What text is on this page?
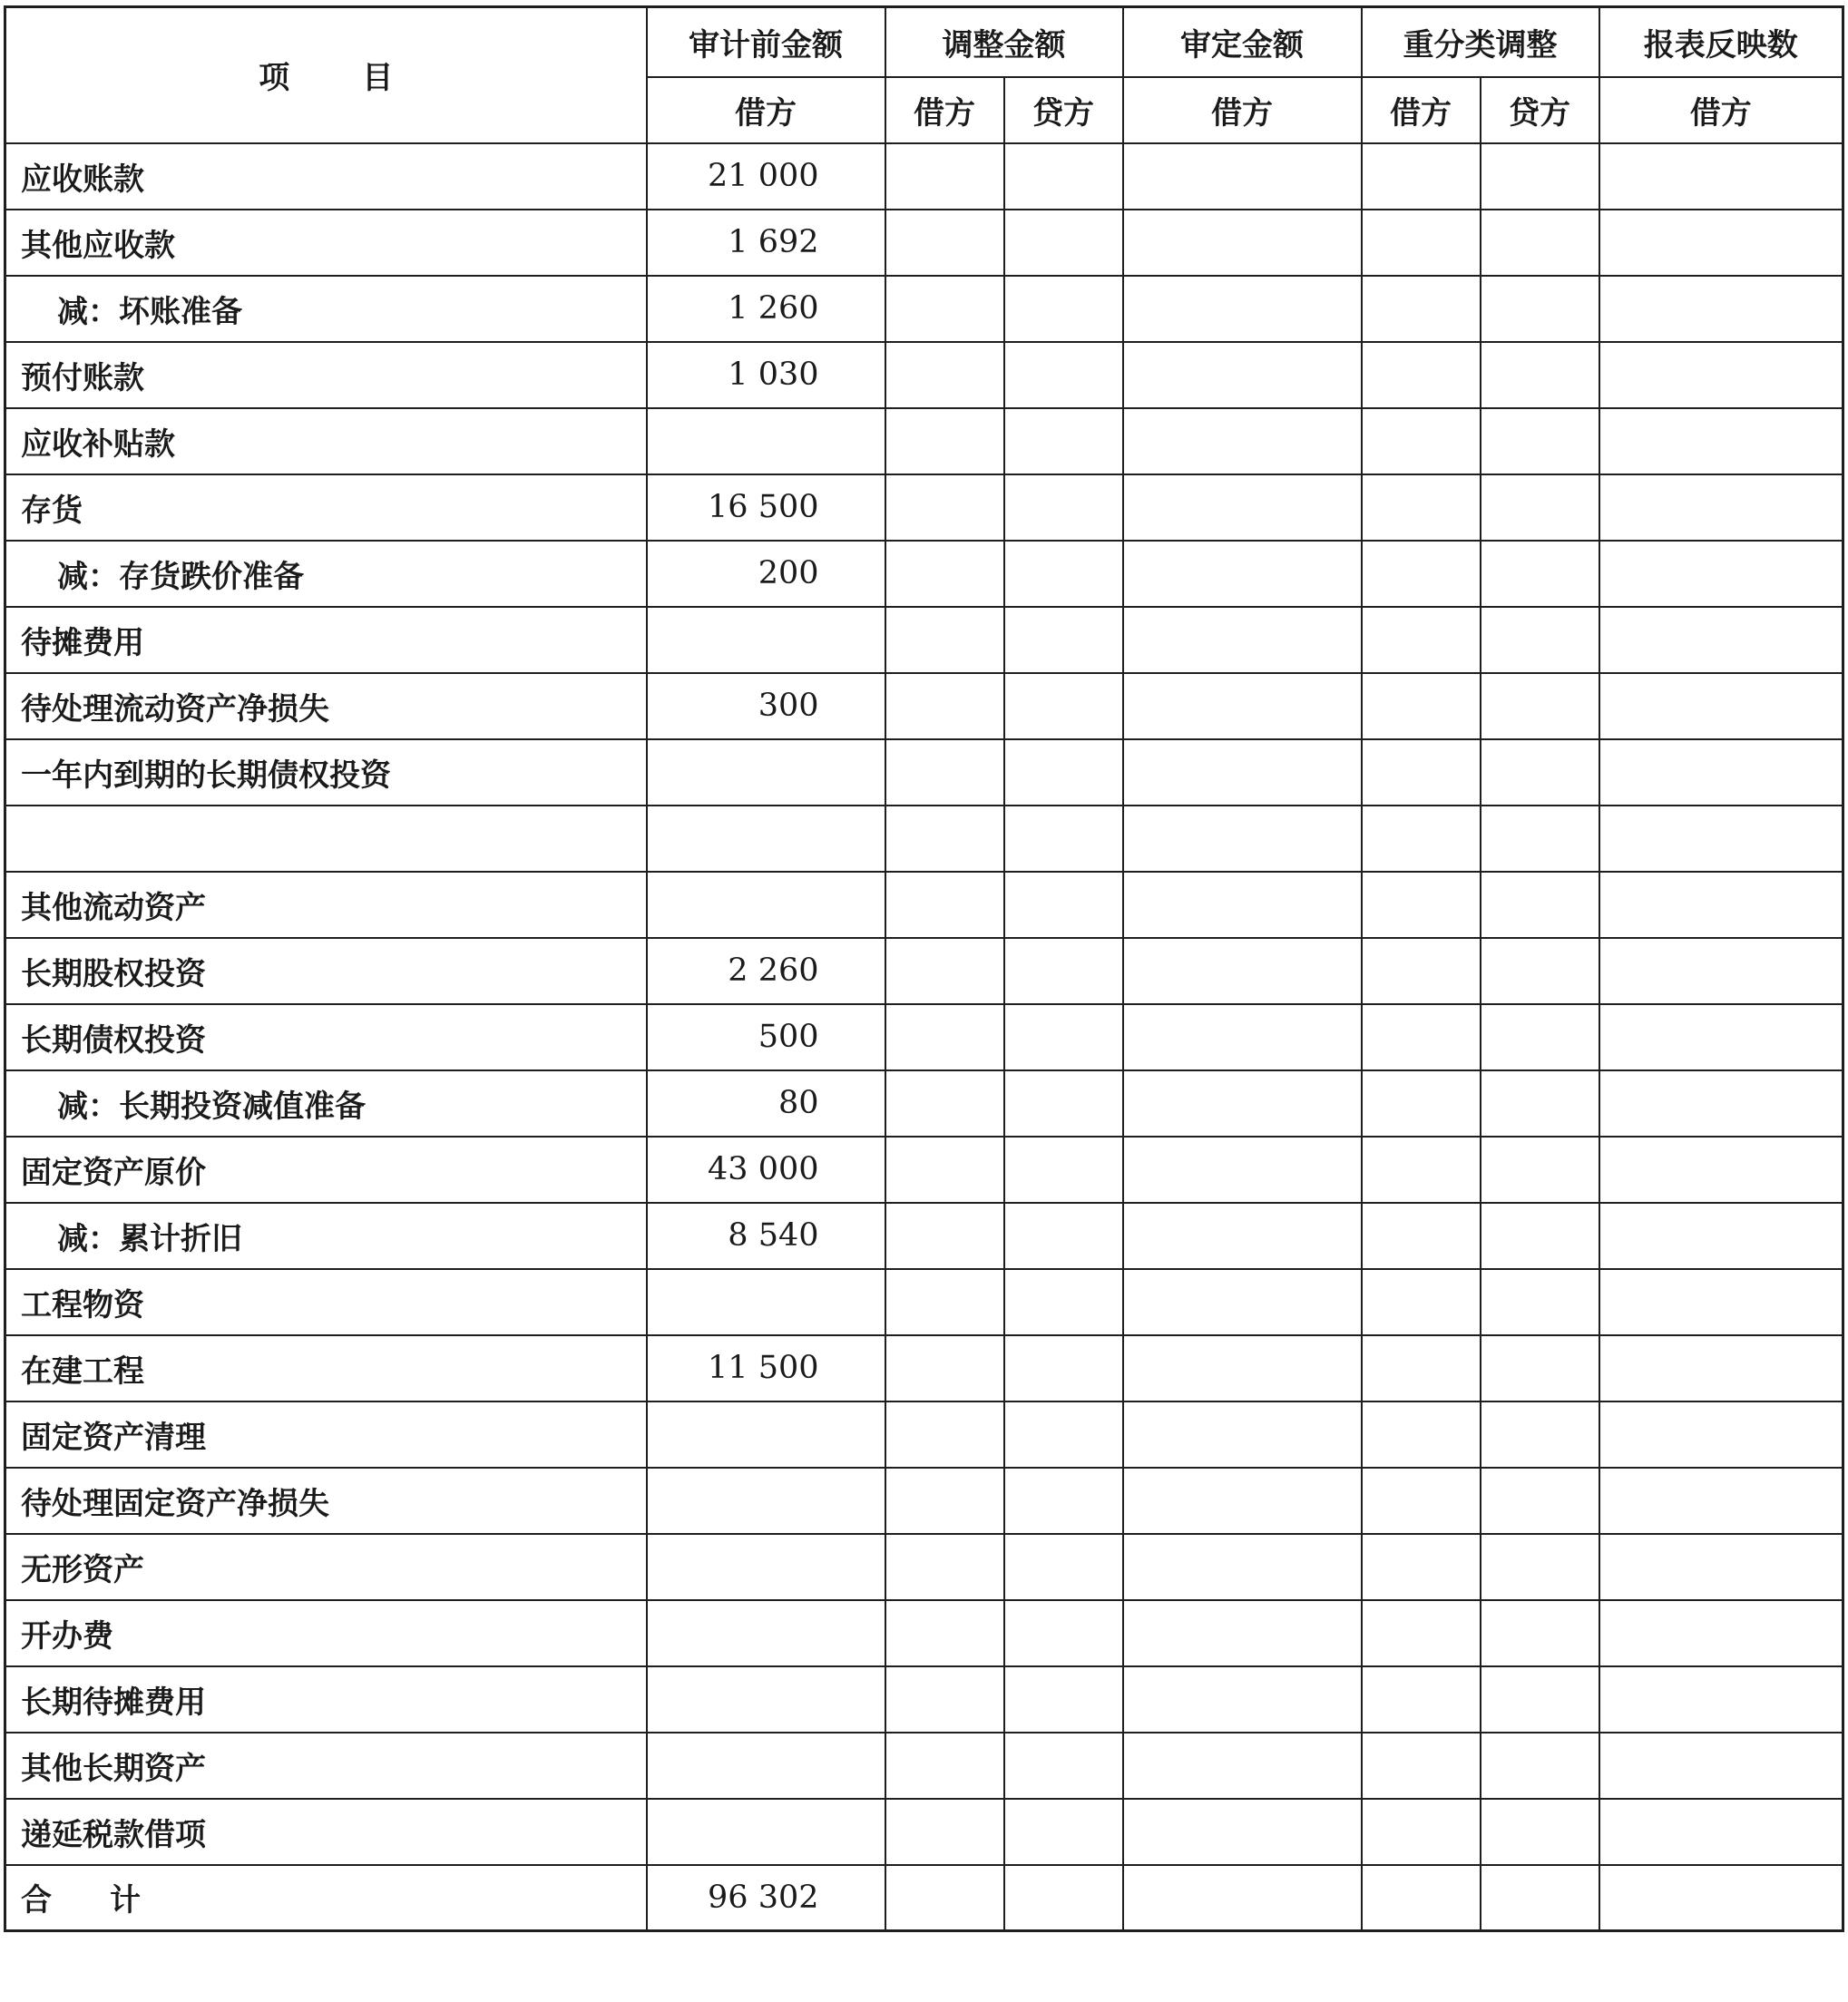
项 目	审计前金额	调整金额		审定金额	重分类调整		报表反映数
	借方	借方	贷方	借方	借方	贷方	借方
应收账款	21 000						
其他应收款	1 692						
减：坏账准备	1 260						
预付账款	1 030						
应收补贴款							
存货	16 500						
减：存货跌价准备	200						
待摊费用							
待处理流动资产净损失	300						
一年内到期的长期债权投资							

其他流动资产							
长期股权投资	2 260						
长期债权投资	500						
减：长期投资减值准备	80						
固定资产原价	43 000						
减：累计折旧	8 540						
工程物资							
在建工程	11 500						
固定资产清理							
待处理固定资产净损失							
无形资产							
开办费							
长期待摊费用							
其他长期资产							
递延税款借项							
合 计	96 302						
